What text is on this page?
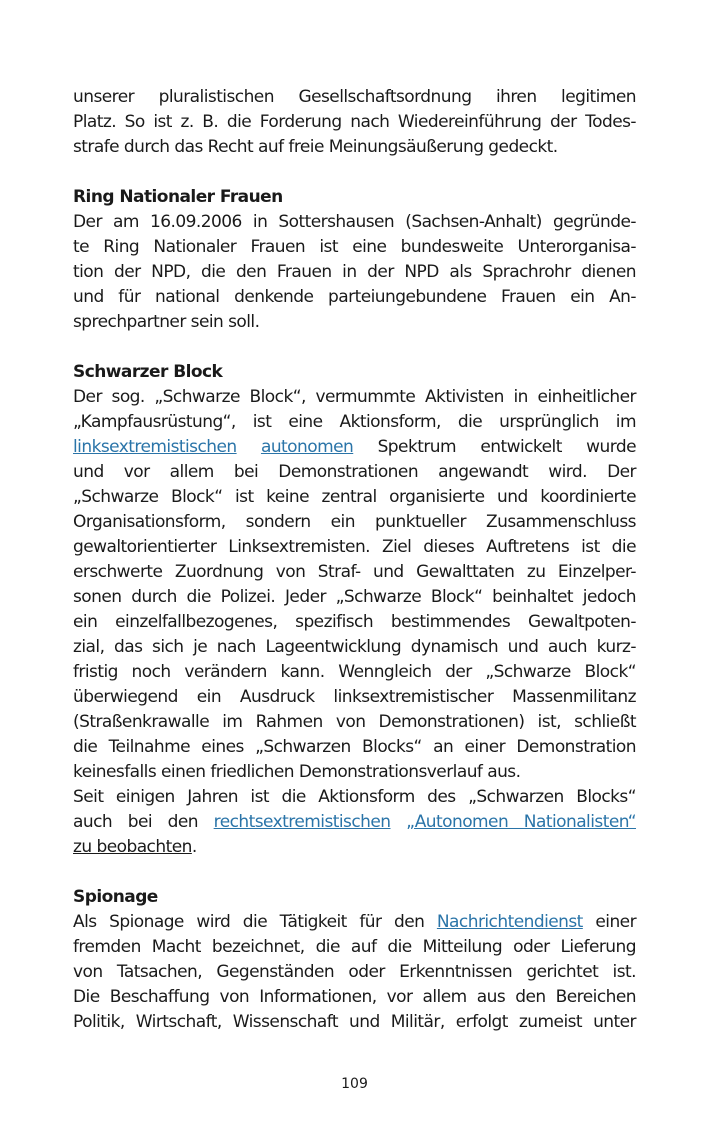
unserer pluralistischen Gesellschaftsordnung ihren legitimen
Platz. So ist z. B. die Forderung nach Wiedereinführung der Todes-
strafe durch das Recht auf freie Meinungsäußerung gedeckt.
Ring Nationaler Frauen
Der am 16.09.2006 in Sottershausen (Sachsen-Anhalt) gegründe-
te Ring Nationaler Frauen ist eine bundesweite Unterorganisa-
tion der NPD, die den Frauen in der NPD als Sprachrohr dienen
und für national denkende parteiungebundene Frauen ein An-
sprechpartner sein soll.
Schwarzer Block
Der sog. „Schwarze Block“, vermummte Aktivisten in einheitlicher
„Kampfausrüstung“, ist eine Aktionsform, die ursprünglich im
linksextremistischen autonomen Spektrum entwickelt wurde
und vor allem bei Demonstrationen angewandt wird. Der
„Schwarze Block“ ist keine zentral organisierte und koordinierte
Organisationsform, sondern ein punktueller Zusammenschluss
gewaltorientierter Linksextremisten. Ziel dieses Auftretens ist die
erschwerte Zuordnung von Straf- und Gewalttaten zu Einzelper-
sonen durch die Polizei. Jeder „Schwarze Block“ beinhaltet jedoch
ein einzelfallbezogenes, spezifisch bestimmendes Gewaltpoten-
zial, das sich je nach Lageentwicklung dynamisch und auch kurz-
fristig noch verändern kann. Wenngleich der „Schwarze Block“
überwiegend ein Ausdruck linksextremistischer Massenmilitanz
(Straßenkrawalle im Rahmen von Demonstrationen) ist, schließt
die Teilnahme eines „Schwarzen Blocks“ an einer Demonstration
keinesfalls einen friedlichen Demonstrationsverlauf aus.
Seit einigen Jahren ist die Aktionsform des „Schwarzen Blocks“
auch bei den rechtsextremistischen „Autonomen Nationalisten“
zu beobachten.
Spionage
Als Spionage wird die Tätigkeit für den Nachrichtendienst einer
fremden Macht bezeichnet, die auf die Mitteilung oder Lieferung
von Tatsachen, Gegenständen oder Erkenntnissen gerichtet ist.
Die Beschaffung von Informationen, vor allem aus den Bereichen
Politik, Wirtschaft, Wissenschaft und Militär, erfolgt zumeist unter
109
